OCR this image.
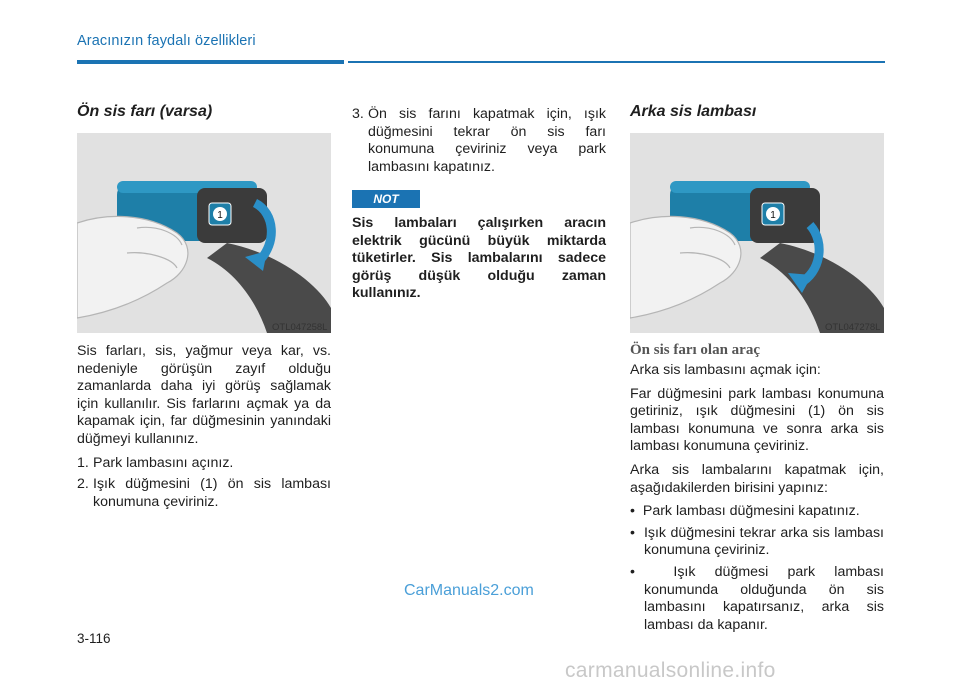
Aracınızın faydalı özellikleri
Ön sis farı (varsa)
1
OTL047258L

Sis farları, sis, yağmur veya kar, vs. nedeniyle görüşün zayıf olduğu zamanlarda daha iyi görüş sağlamak için kullanılır. Sis farlarını açmak ya da kapamak için, far düğmesinin yanındaki düğmeyi kullanınız.

1. Park lambasını açınız.

2. Işık düğmesini (1) ön sis lambası konumuna çeviriniz.

3. Ön sis farını kapatmak için, ışık düğmesini tekrar ön sis farı konumuna çeviriniz veya park lambasını kapatınız.

NOT
Sis lambaları çalışırken aracın elektrik gücünü büyük miktarda tüketirler. Sis lambalarını sadece görüş düşük olduğu zaman kullanınız.
Arka sis lambası
1
OTL047278L
Ön sis farı olan araç

Arka sis lambasını açmak için:

Far düğmesini park lambası konumuna getiriniz, ışık düğmesini (1) ön sis lambası konumuna ve sonra arka sis lambası konumuna çeviriniz.

Arka sis lambalarını kapatmak için, aşağıdakilerden birisini yapınız:

•  Park lambası düğmesini kapatınız.

•  Işık düğmesini tekrar arka sis lambası konumuna çeviriniz.

•  Işık düğmesi park lambası konumunda olduğunda ön sis lambasını kapatırsanız, arka sis lambası da kapanır.

CarManuals2.com
3-116
carmanualsonline.info
